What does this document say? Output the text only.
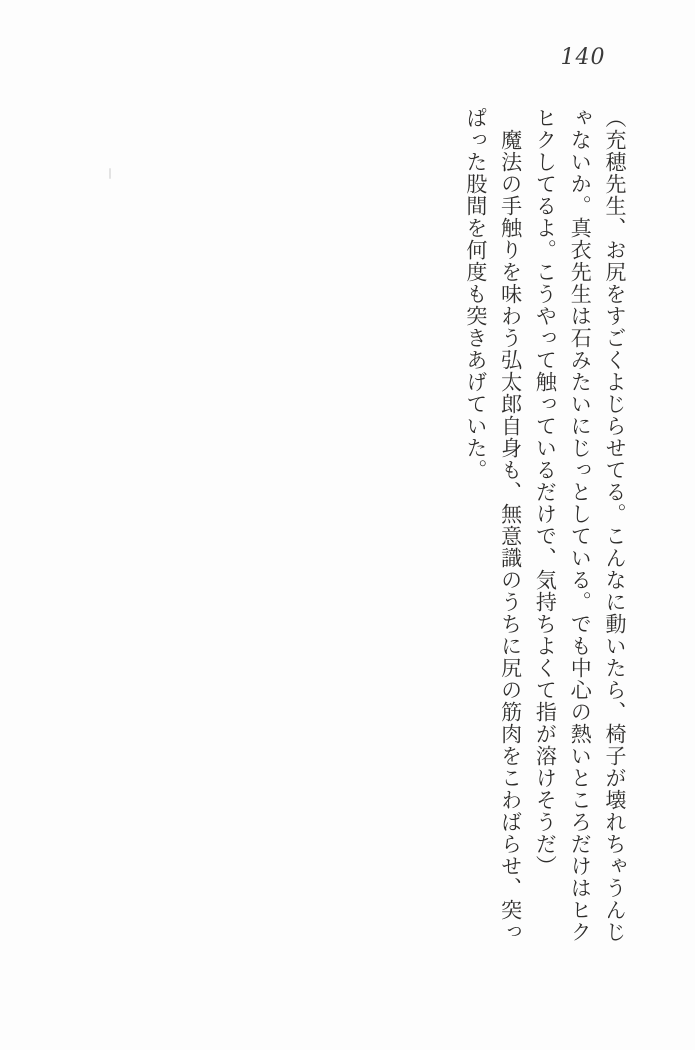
140
（充穂先生、お尻をすごくよじらせてる。こんなに動いたら、椅子が壊れちゃうんじ
ゃないか。真衣先生は石みたいにじっとしている。でも中心の熱いところだけはヒク
ヒクしてるよ。こうやって触っているだけで、気持ちよくて指が溶けそうだ）
　魔法の手触りを味わう弘太郎自身も、無意識のうちに尻の筋肉をこわばらせ、突っ
ぱった股間を何度も突きあげていた。
